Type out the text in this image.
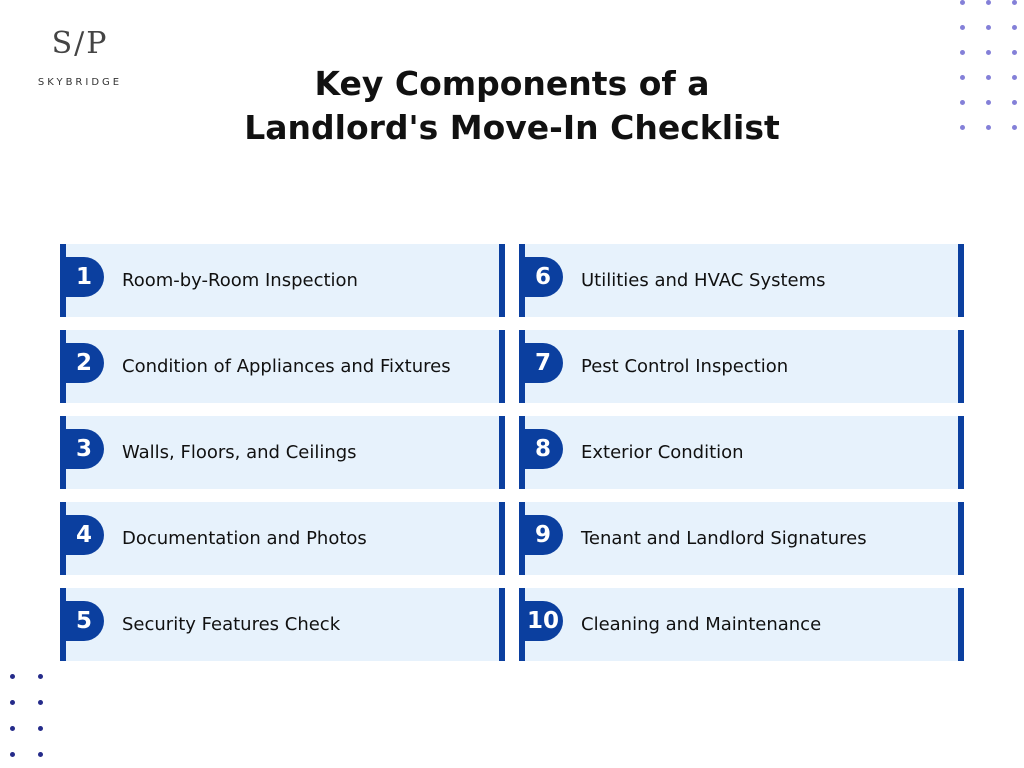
S/P
SKYBRIDGE	Key Components of a
Landlord's Move-In Checklist
1	Room-by-Room Inspection
2	Condition of Appliances and Fixtures
3	Walls, Floors, and Ceilings
4	Documentation and Photos
5	Security Features Check
6	Utilities and HVAC Systems
7	Pest Control Inspection
8	Exterior Condition
9	Tenant and Landlord Signatures
10 Cleaning and Maintenance
